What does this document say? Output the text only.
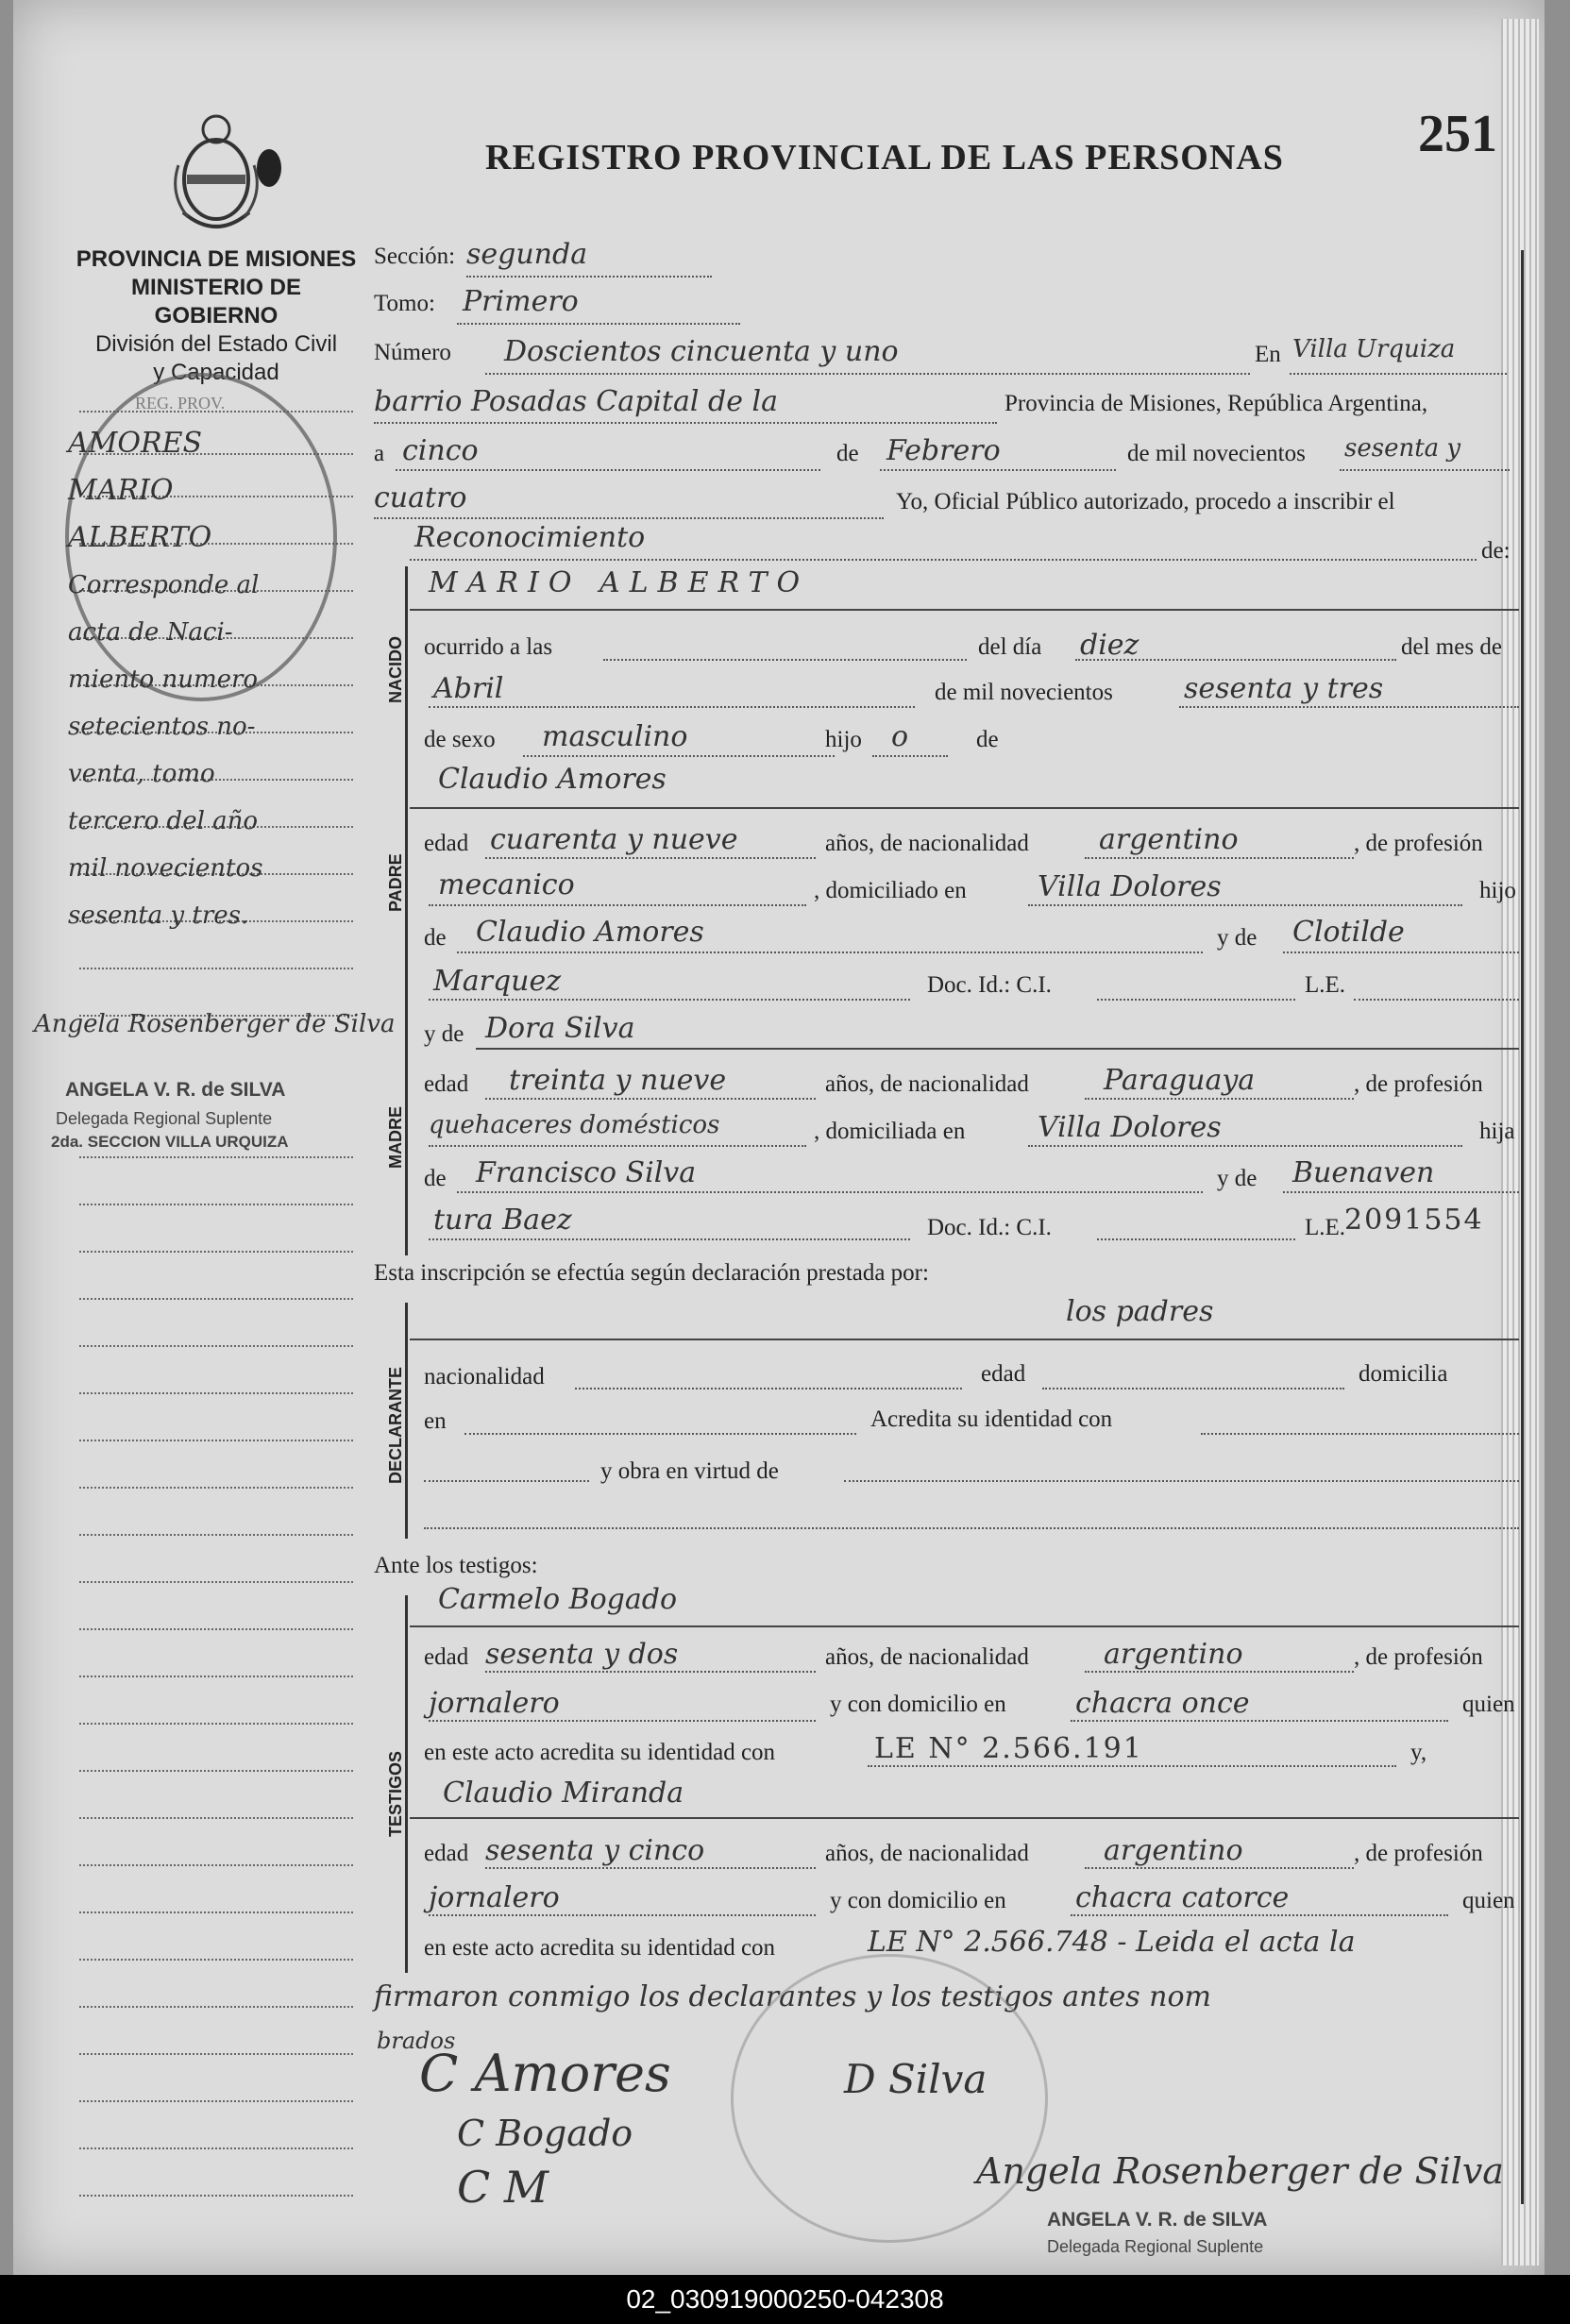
REGISTRO PROVINCIAL DE LAS PERSONAS	251
PROVINCIA DE MISIONES
MINISTERIO DE GOBIERNO
División del Estado Civil
y Capacidad
REG. PROV.
AMORES
MARIO
ALBERTO
Corresponde al
acta de Naci-
miento numero
setecientos no-
venta, tomo
tercero del año
mil novecientos
sesenta y tres.
Angela Rosenberger de Silva
ANGELA V. R. de SILVA
Delegada Regional Suplente
2da. SECCION VILLA URQUIZA
Sección: segunda
Tomo: Primero
Número Doscientos cincuenta y uno	En Villa Urquiza
barrio Posadas Capital de la	Provincia de Misiones, República Argentina,
a cinco	de Febrero	de mil novecientos sesenta y
cuatro	Yo, Oficial Público autorizado, procedo a inscribir el
Reconocimiento	de:
NACIDO
MARIO ALBERTO
ocurrido a las	del día diez	del mes de
Abril	de mil novecientos	sesenta y tres
de sexo masculino	hijo o	de
PADRE
Claudio Amores
edad cuarenta y nueve	años, de nacionalidad argentino	, de profesión
mecanico	, domiciliado en	Villa Dolores	hijo
de Claudio Amores	y de Clotilde
Marquez	Doc. Id.: C.I.	L.E.
MADRE
y de Dora Silva
edad treinta y nueve	años, de nacionalidad	Paraguaya	, de profesión
quehaceres domésticos	, domiciliada en	Villa Dolores	hija
de Francisco Silva	y de Buenaven
tura Baez	Doc. Id.: C.I.	L.E.
2091554
Esta inscripción se efectúa según declaración prestada por:
DECLARANTE
los padres
nacionalidad	edad	domicilia
en	Acredita su identidad con
y obra en virtud de
Ante los testigos:
TESTIGOS
Carmelo Bogado
edad sesenta y dos	años, de nacionalidad	argentino	, de profesión
jornalero	y con domicilio en chacra once	quien
en este acto acredita su identidad con	LE N° 2.566.191	y,
Claudio Miranda
edad sesenta y cinco	años, de nacionalidad	argentino	, de profesión
jornalero	y con domicilio en chacra catorce	quien
en este acto acredita su identidad con	LE N° 2.566.748 - Leida el acta la
firmaron conmigo los declarantes y los testigos antes nom
brados
C Amores	D Silva
C Bogado
C M	Angela Rosenberger de Silva
ANGELA V. R. de SILVA
Delegada Regional Suplente
02_030919000250-042308
